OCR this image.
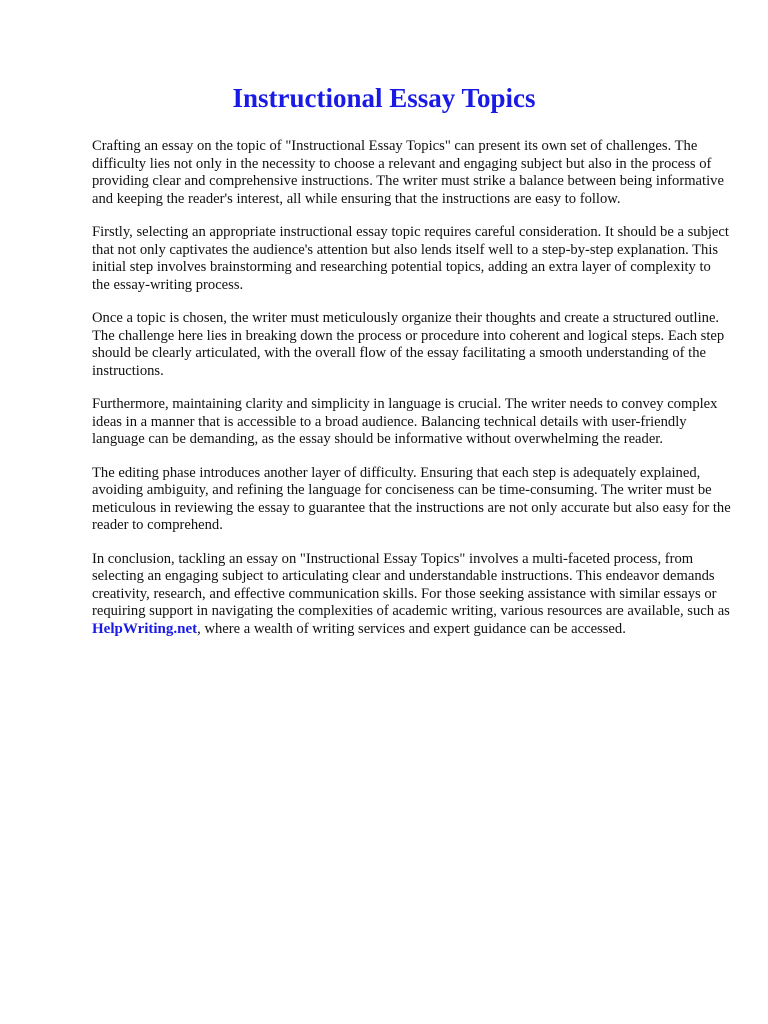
Instructional Essay Topics

Crafting an essay on the topic of "Instructional Essay Topics" can present its own set of challenges. The difficulty lies not only in the necessity to choose a relevant and engaging subject but also in the process of providing clear and comprehensive instructions. The writer must strike a balance between being informative and keeping the reader's interest, all while ensuring that the instructions are easy to follow.

Firstly, selecting an appropriate instructional essay topic requires careful consideration. It should be a subject that not only captivates the audience's attention but also lends itself well to a step-by-step explanation. This initial step involves brainstorming and researching potential topics, adding an extra layer of complexity to the essay-writing process.

Once a topic is chosen, the writer must meticulously organize their thoughts and create a structured outline. The challenge here lies in breaking down the process or procedure into coherent and logical steps. Each step should be clearly articulated, with the overall flow of the essay facilitating a smooth understanding of the instructions.

Furthermore, maintaining clarity and simplicity in language is crucial. The writer needs to convey complex ideas in a manner that is accessible to a broad audience. Balancing technical details with user-friendly language can be demanding, as the essay should be informative without overwhelming the reader.

The editing phase introduces another layer of difficulty. Ensuring that each step is adequately explained, avoiding ambiguity, and refining the language for conciseness can be time-consuming. The writer must be meticulous in reviewing the essay to guarantee that the instructions are not only accurate but also easy for the reader to comprehend.

In conclusion, tackling an essay on "Instructional Essay Topics" involves a multi-faceted process, from selecting an engaging subject to articulating clear and understandable instructions. This endeavor demands creativity, research, and effective communication skills. For those seeking assistance with similar essays or requiring support in navigating the complexities of academic writing, various resources are available, such as HelpWriting.net, where a wealth of writing services and expert guidance can be accessed.
